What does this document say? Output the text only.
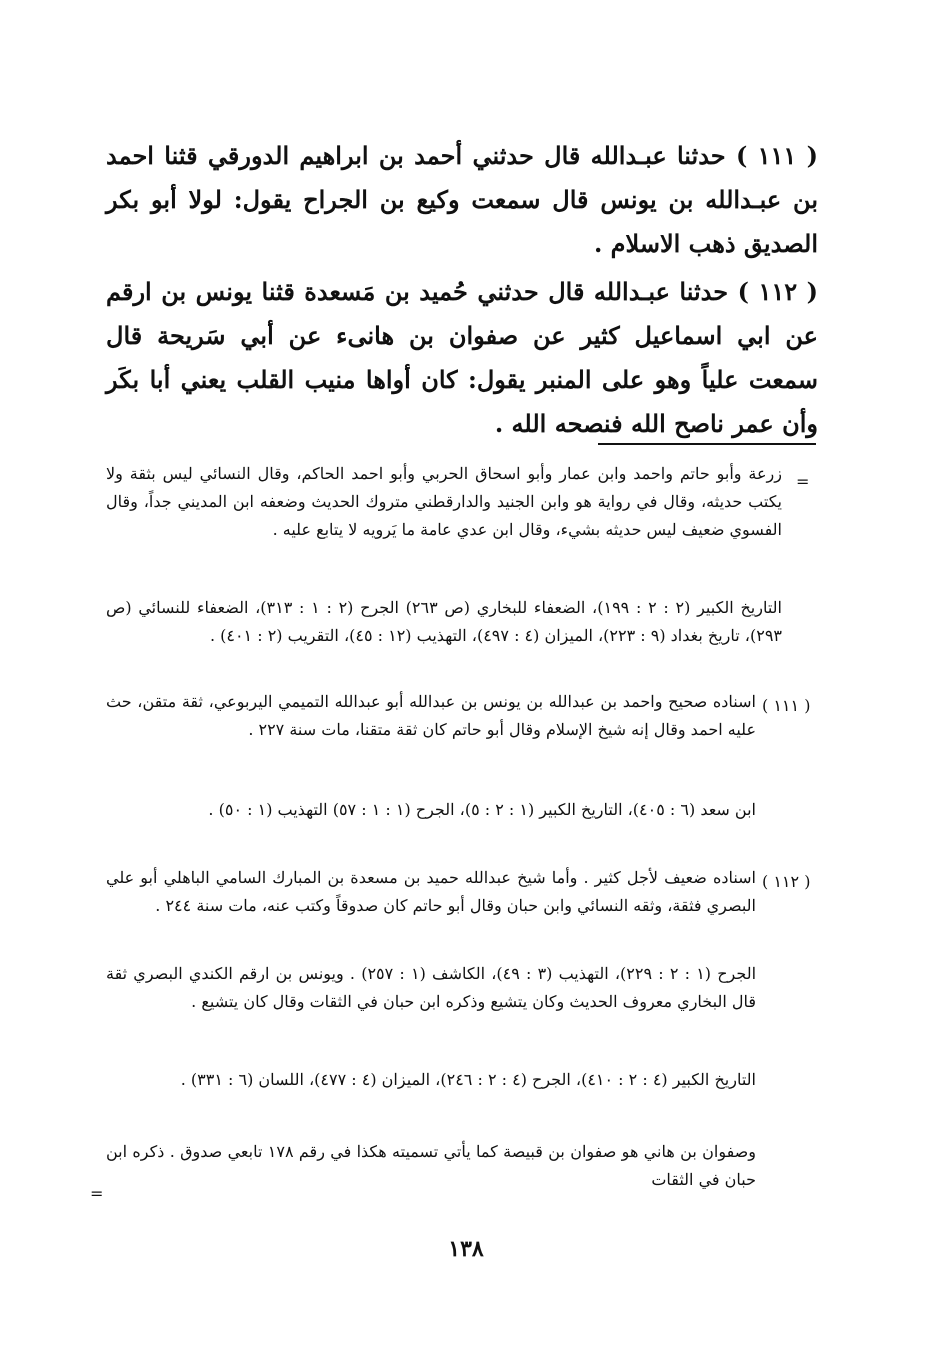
( ١١١ ) حدثنا عبـدالله قال حدثني أحمد بن ابراهيم الدورقي قثنا احمد بن عبـدالله بن يونس قال سمعت وكيع بن الجراح يقول: لولا أبو بكر الصديق ذهب الاسلام .

( ١١٢ ) حدثنا عبـدالله قال حدثني حُميد بن مَسعدة قثنا يونس بن ارقم عن ابي اسماعيل كثير عن صفوان بن هانىء عن أبي سَريحة قال سمعت علياً وهو على المنبر يقول: كان أواها منيب القلب يعني أبا بكَر وأن عمر ناصح الله فنصحه الله .

=

زرعة وأبو حاتم واحمد وابن عمار وأبو اسحاق الحربي وأبو احمد الحاكم، وقال النسائي ليس بثقة ولا يكتب حديثه، وقال في رواية هو وابن الجنيد والدارقطني متروك الحديث وضعفه ابن المديني جداً، وقال الفسوي ضعيف ليس حديثه بشيء، وقال ابن عدي عامة ما يَرويه لا يتابع عليه .

التاريخ الكبير (٢ : ٢ : ١٩٩)، الضعفاء للبخاري (ص ٢٦٣) الجرح (٢ : ١ : ٣١٣)، الضعفاء للنسائي (ص ٢٩٣)، تاريخ بغداد (٩ : ٢٢٣)، الميزان (٤ : ٤٩٧)، التهذيب (١٢ : ٤٥)، التقريب (٢ : ٤٠١) .

( ١١١ )

اسناده صحيح واحمد بن عبدالله بن يونس بن عبدالله أبو عبدالله التميمي اليربوعي، ثقة متقن، حث عليه احمد وقال إنه شيخ الإسلام وقال أبو حاتم كان ثقة متقنا، مات سنة ٢٢٧ .

ابن سعد (٦ : ٤٠٥)، التاريخ الكبير (١ : ٢ : ٥)، الجرح (١ : ١ : ٥٧) التهذيب (١ : ٥٠) .

( ١١٢ )

اسناده ضعيف لأجل كثير . وأما شيخ عبدالله حميد بن مسعدة بن المبارك السامي الباهلي أبو علي البصري فثقة، وثقه النسائي وابن حبان وقال أبو حاتم كان صدوقاً وكتب عنه، مات سنة ٢٤٤ .

الجرح (١ : ٢ : ٢٢٩)، التهذيب (٣ : ٤٩)، الكاشف (١ : ٢٥٧) . ويونس بن ارقم الكندي البصري ثقة قال البخاري معروف الحديث وكان يتشيع وذكره ابن حبان في الثقات وقال كان يتشيع .

التاريخ الكبير (٤ : ٢ : ٤١٠)، الجرح (٤ : ٢ : ٢٤٦)، الميزان (٤ : ٤٧٧)، اللسان (٦ : ٣٣١) .

وصفوان بن هاني هو صفوان بن قبيصة كما يأتي تسميته هكذا في رقم ١٧٨ تابعي صدوق . ذكره ابن حبان في الثقات

=
١٣٨
